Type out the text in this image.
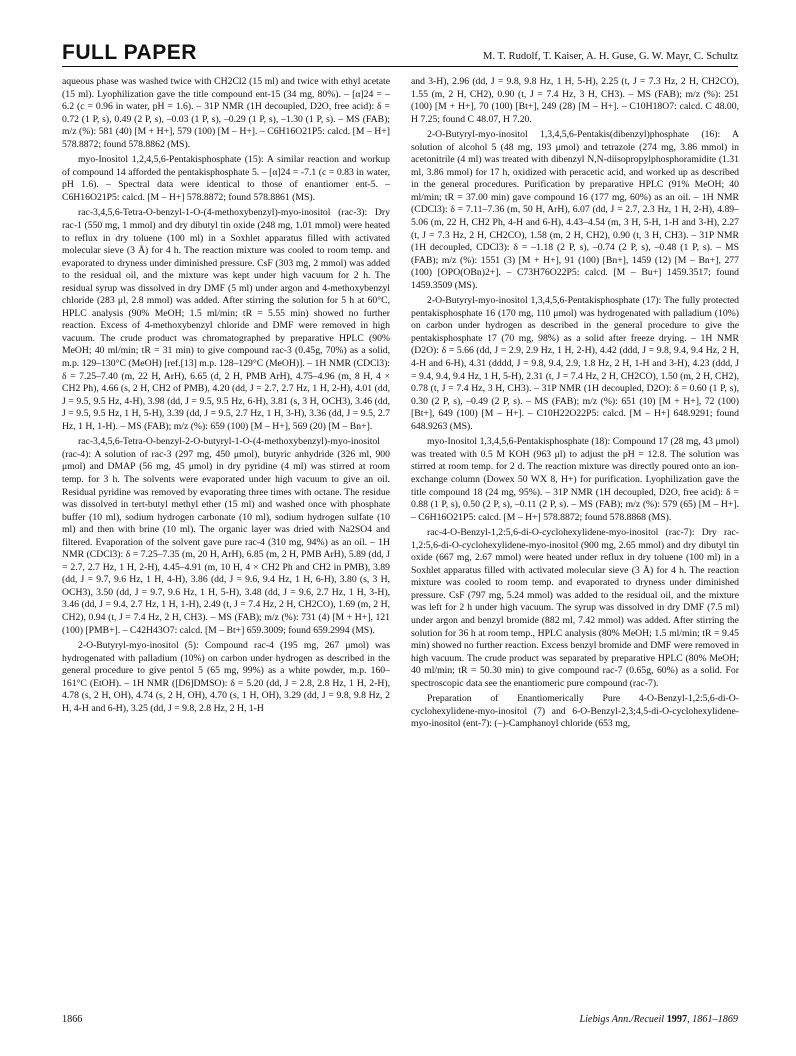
FULL PAPER	M. T. Rudolf, T. Kaiser, A. H. Guse, G. W. Mayr, C. Schultz

aqueous phase was washed twice with CH2Cl2 (15 ml) and twice with ethyl acetate (15 ml). Lyophilization gave the title compound ent-15 (34 mg, 80%). – [α]24 = –6.2 (c = 0.96 in water, pH = 1.6). – 31P NMR (1H decoupled, D2O, free acid): δ = 0.72 (1 P, s), 0.49 (2 P, s), –0.03 (1 P, s), –0.29 (1 P, s), –1.30 (1 P, s). – MS (FAB); m/z (%): 581 (40) [M + H+], 579 (100) [M – H+]. – C6H16O21P5: calcd. [M – H+] 578.8872; found 578.8862 (MS).

myo-Inositol 1,2,4,5,6-Pentakisphosphate (15): A similar reaction and workup of compound 14 afforded the pentakisphosphate 5. – [α]24 = -7.1 (c = 0.83 in water, pH 1.6). – Spectral data were identical to those of enantiomer ent-5. – C6H16O21P5: calcd. [M – H+] 578.8872; found 578.8861 (MS).

rac-3,4,5,6-Tetra-O-benzyl-1-O-(4-methoxybenzyl)-myo-inositol (rac-3): Dry rac-1 (550 mg, 1 mmol) and dry dibutyl tin oxide (248 mg, 1.01 mmol) were heated to reflux in dry toluene (100 ml) in a Soxhlet apparatus filled with activated molecular sieve (3 Å) for 4 h. The reaction mixture was cooled to room temp. and evaporated to dryness under diminished pressure. CsF (303 mg, 2 mmol) was added to the residual oil, and the mixture was kept under high vacuum for 2 h. The residual syrup was dissolved in dry DMF (5 ml) under argon and 4-methoxybenzyl chloride (283 μl, 2.8 mmol) was added. After stirring the solution for 5 h at 60°C, HPLC analysis (90% MeOH; 1.5 ml/min; tR = 5.55 min) showed no further reaction. Excess of 4-methoxybenzyl chloride and DMF were removed in high vacuum. The crude product was chromatographed by preparative HPLC (90% MeOH; 40 ml/min; tR = 31 min) to give compound rac-3 (0.45g, 70%) as a solid, m.p. 129–130°C (MeOH) [ref.[13] m.p. 128–129°C (MeOH)]. – 1H NMR (CDCl3): δ = 7.25–7.40 (m, 22 H, ArH), 6.65 (d, 2 H, PMB ArH), 4.75–4.96 (m, 8 H, 4 × CH2 Ph), 4.66 (s, 2 H, CH2 of PMB), 4.20 (dd, J = 2.7, 2.7 Hz, 1 H, 2-H), 4.01 (dd, J = 9.5, 9.5 Hz, 4-H), 3.98 (dd, J = 9.5, 9.5 Hz, 6-H), 3.81 (s, 3 H, OCH3), 3.46 (dd, J = 9.5, 9.5 Hz, 1 H, 5-H), 3.39 (dd, J = 9.5, 2.7 Hz, 1 H, 3-H), 3.36 (dd, J = 9.5, 2.7 Hz, 1 H, 1-H). – MS (FAB); m/z (%): 659 (100) [M – H+], 569 (20) [M – Bn+].

rac-3,4,5,6-Tetra-O-benzyl-2-O-butyryl-1-O-(4-methoxybenzyl)-myo-inositol (rac-4): A solution of rac-3 (297 mg, 450 μmol), butyric anhydride (326 ml, 900 μmol) and DMAP (56 mg, 45 μmol) in dry pyridine (4 ml) was stirred at room temp. for 3 h. The solvents were evaporated under high vacuum to give an oil. Residual pyridine was removed by evaporating three times with octane. The residue was dissolved in tert-butyl methyl ether (15 ml) and washed once with phosphate buffer (10 ml), sodium hydrogen carbonate (10 ml), sodium hydrogen sulfate (10 ml) and then with brine (10 ml). The organic layer was dried with Na2SO4 and filtered. Evaporation of the solvent gave pure rac-4 (310 mg, 94%) as an oil. – 1H NMR (CDCl3): δ = 7.25–7.35 (m, 20 H, ArH), 6.85 (m, 2 H, PMB ArH), 5.89 (dd, J = 2.7, 2.7 Hz, 1 H, 2-H), 4.45–4.91 (m, 10 H, 4 × CH2 Ph and CH2 in PMB), 3.89 (dd, J = 9.7, 9.6 Hz, 1 H, 4-H), 3.86 (dd, J = 9.6, 9.4 Hz, 1 H, 6-H), 3.80 (s, 3 H, OCH3), 3.50 (dd, J = 9.7, 9.6 Hz, 1 H, 5-H), 3.48 (dd, J = 9.6, 2.7 Hz, 1 H, 3-H), 3.46 (dd, J = 9.4, 2.7 Hz, 1 H, 1-H), 2.49 (t, J = 7.4 Hz, 2 H, CH2CO), 1.69 (m, 2 H, CH2), 0.94 (t, J = 7.4 Hz, 2 H, CH3). – MS (FAB); m/z (%): 731 (4) [M + H+], 121 (100) [PMB+]. – C42H43O7: calcd. [M – Bt+] 659.3009; found 659.2994 (MS).

2-O-Butyryl-myo-inositol (5): Compound rac-4 (195 mg, 267 μmol) was hydrogenated with palladium (10%) on carbon under hydrogen as described in the general procedure to give pentol 5 (65 mg, 99%) as a white powder, m.p. 160–161°C (EtOH). – 1H NMR ([D6]DMSO): δ = 5.20 (dd, J = 2.8, 2.8 Hz, 1 H, 2-H), 4.78 (s, 2 H, OH), 4.74 (s, 2 H, OH), 4.70 (s, 1 H, OH), 3.29 (dd, J = 9.8, 9.8 Hz, 2 H, 4-H and 6-H), 3.25 (dd, J = 9.8, 2.8 Hz, 2 H, 1-H

and 3-H), 2.96 (dd, J = 9.8, 9.8 Hz, 1 H, 5-H), 2.25 (t, J = 7.3 Hz, 2 H, CH2CO), 1.55 (m, 2 H, CH2), 0.90 (t, J = 7.4 Hz, 3 H, CH3). – MS (FAB); m/z (%): 251 (100) [M + H+], 70 (100) [Bt+], 249 (28) [M – H+]. – C10H18O7: calcd. C 48.00, H 7.25; found C 48.07, H 7.20.

2-O-Butyryl-myo-inositol 1,3,4,5,6-Pentakis(dibenzyl)phosphate (16): A solution of alcohol 5 (48 mg, 193 μmol) and tetrazole (274 mg, 3.86 mmol) in acetonitrile (4 ml) was treated with dibenzyl N,N-diisopropylphosphoramidite (1.31 ml, 3.86 mmol) for 17 h, oxidized with peracetic acid, and worked up as described in the general procedures. Purification by preparative HPLC (91% MeOH; 40 ml/min; tR = 37.00 min) gave compound 16 (177 mg, 60%) as an oil. – 1H NMR (CDCl3): δ = 7.11–7.36 (m, 50 H, ArH), 6.07 (dd, J = 2.7, 2.3 Hz, 1 H, 2-H), 4.89–5.06 (m, 22 H, CH2 Ph, 4-H and 6-H), 4.43–4.54 (m, 3 H, 5-H, 1-H and 3-H), 2.27 (t, J = 7.3 Hz, 2 H, CH2CO), 1.58 (m, 2 H, CH2), 0.90 (t, 3 H, CH3). – 31P NMR (1H decoupled, CDCl3): δ = –1.18 (2 P, s), –0.74 (2 P, s), –0.48 (1 P, s). – MS (FAB); m/z (%): 1551 (3) [M + H+], 91 (100) [Bn+], 1459 (12) [M – Bn+], 277 (100) [OPO(OBn)2+]. – C73H76O22P5: calcd. [M – Bu+] 1459.3517; found 1459.3509 (MS).

2-O-Butyryl-myo-inositol 1,3,4,5,6-Pentakisphosphate (17): The fully protected pentakisphosphate 16 (170 mg, 110 μmol) was hydrogenated with palladium (10%) on carbon under hydrogen as described in the general procedure to give the pentakisphosphate 17 (70 mg, 98%) as a solid after freeze drying. – 1H NMR (D2O): δ = 5.66 (dd, J = 2.9, 2.9 Hz, 1 H, 2-H), 4.42 (ddd, J = 9.8, 9.4, 9.4 Hz, 2 H, 4-H and 6-H), 4.31 (dddd, J = 9.8, 9.4, 2.9, 1.8 Hz, 2 H, 1-H and 3-H), 4.23 (ddd, J = 9.4, 9.4, 9.4 Hz, 1 H, 5-H), 2.31 (t, J = 7.4 Hz, 2 H, CH2CO), 1.50 (m, 2 H, CH2), 0.78 (t, J = 7.4 Hz, 3 H, CH3). – 31P NMR (1H decoupled, D2O): δ = 0.60 (1 P, s), 0.30 (2 P, s), –0.49 (2 P, s). – MS (FAB); m/z (%): 651 (10) [M + H+], 72 (100) [Bt+], 649 (100) [M – H+]. – C10H22O22P5: calcd. [M – H+] 648.9291; found 648.9263 (MS).

myo-Inositol 1,3,4,5,6-Pentakisphosphate (18): Compound 17 (28 mg, 43 μmol) was treated with 0.5 M KOH (963 μl) to adjust the pH = 12.8. The solution was stirred at room temp. for 2 d. The reaction mixture was directly poured onto an ion-exchange column (Dowex 50 WX 8, H+) for purification. Lyophilization gave the title compound 18 (24 mg, 95%). – 31P NMR (1H decoupled, D2O, free acid): δ = 0.88 (1 P, s), 0.50 (2 P, s), –0.11 (2 P, s). – MS (FAB); m/z (%): 579 (65) [M – H+]. – C6H16O21P5: calcd. [M – H+] 578.8872; found 578.8868 (MS).

rac-4-O-Benzyl-1,2:5,6-di-O-cyclohexylidene-myo-inositol (rac-7): Dry rac-1,2:5,6-di-O-cyclohexylidene-myo-inositol (900 mg, 2.65 mmol) and dry dibutyl tin oxide (667 mg, 2.67 mmol) were heated under reflux in dry toluene (100 ml) in a Soxhlet apparatus filled with activated molecular sieve (3 Å) for 4 h. The reaction mixture was cooled to room temp. and evaporated to dryness under diminished pressure. CsF (797 mg, 5.24 mmol) was added to the residual oil, and the mixture was left for 2 h under high vacuum. The syrup was dissolved in dry DMF (7.5 ml) under argon and benzyl bromide (882 ml, 7.42 mmol) was added. After stirring the solution for 36 h at room temp., HPLC analysis (80% MeOH; 1.5 ml/min; tR = 9.45 min) showed no further reaction. Excess benzyl bromide and DMF were removed in high vacuum. The crude product was separated by preparative HPLC (80% MeOH; 40 ml/min; tR = 50.30 min) to give compound rac-7 (0.65g, 60%) as a solid. For spectroscopic data see the enantiomeric pure compound (rac-7).

Preparation of Enantiomerically Pure 4-O-Benzyl-1,2:5,6-di-O-cyclohexylidene-myo-inositol (7) and 6-O-Benzyl-2,3;4,5-di-O-cyclohexylidene-myo-inositol (ent-7): (–)-Camphanoyl chloride (653 mg,

1866	Liebigs Ann./Recueil 1997, 1861–1869
